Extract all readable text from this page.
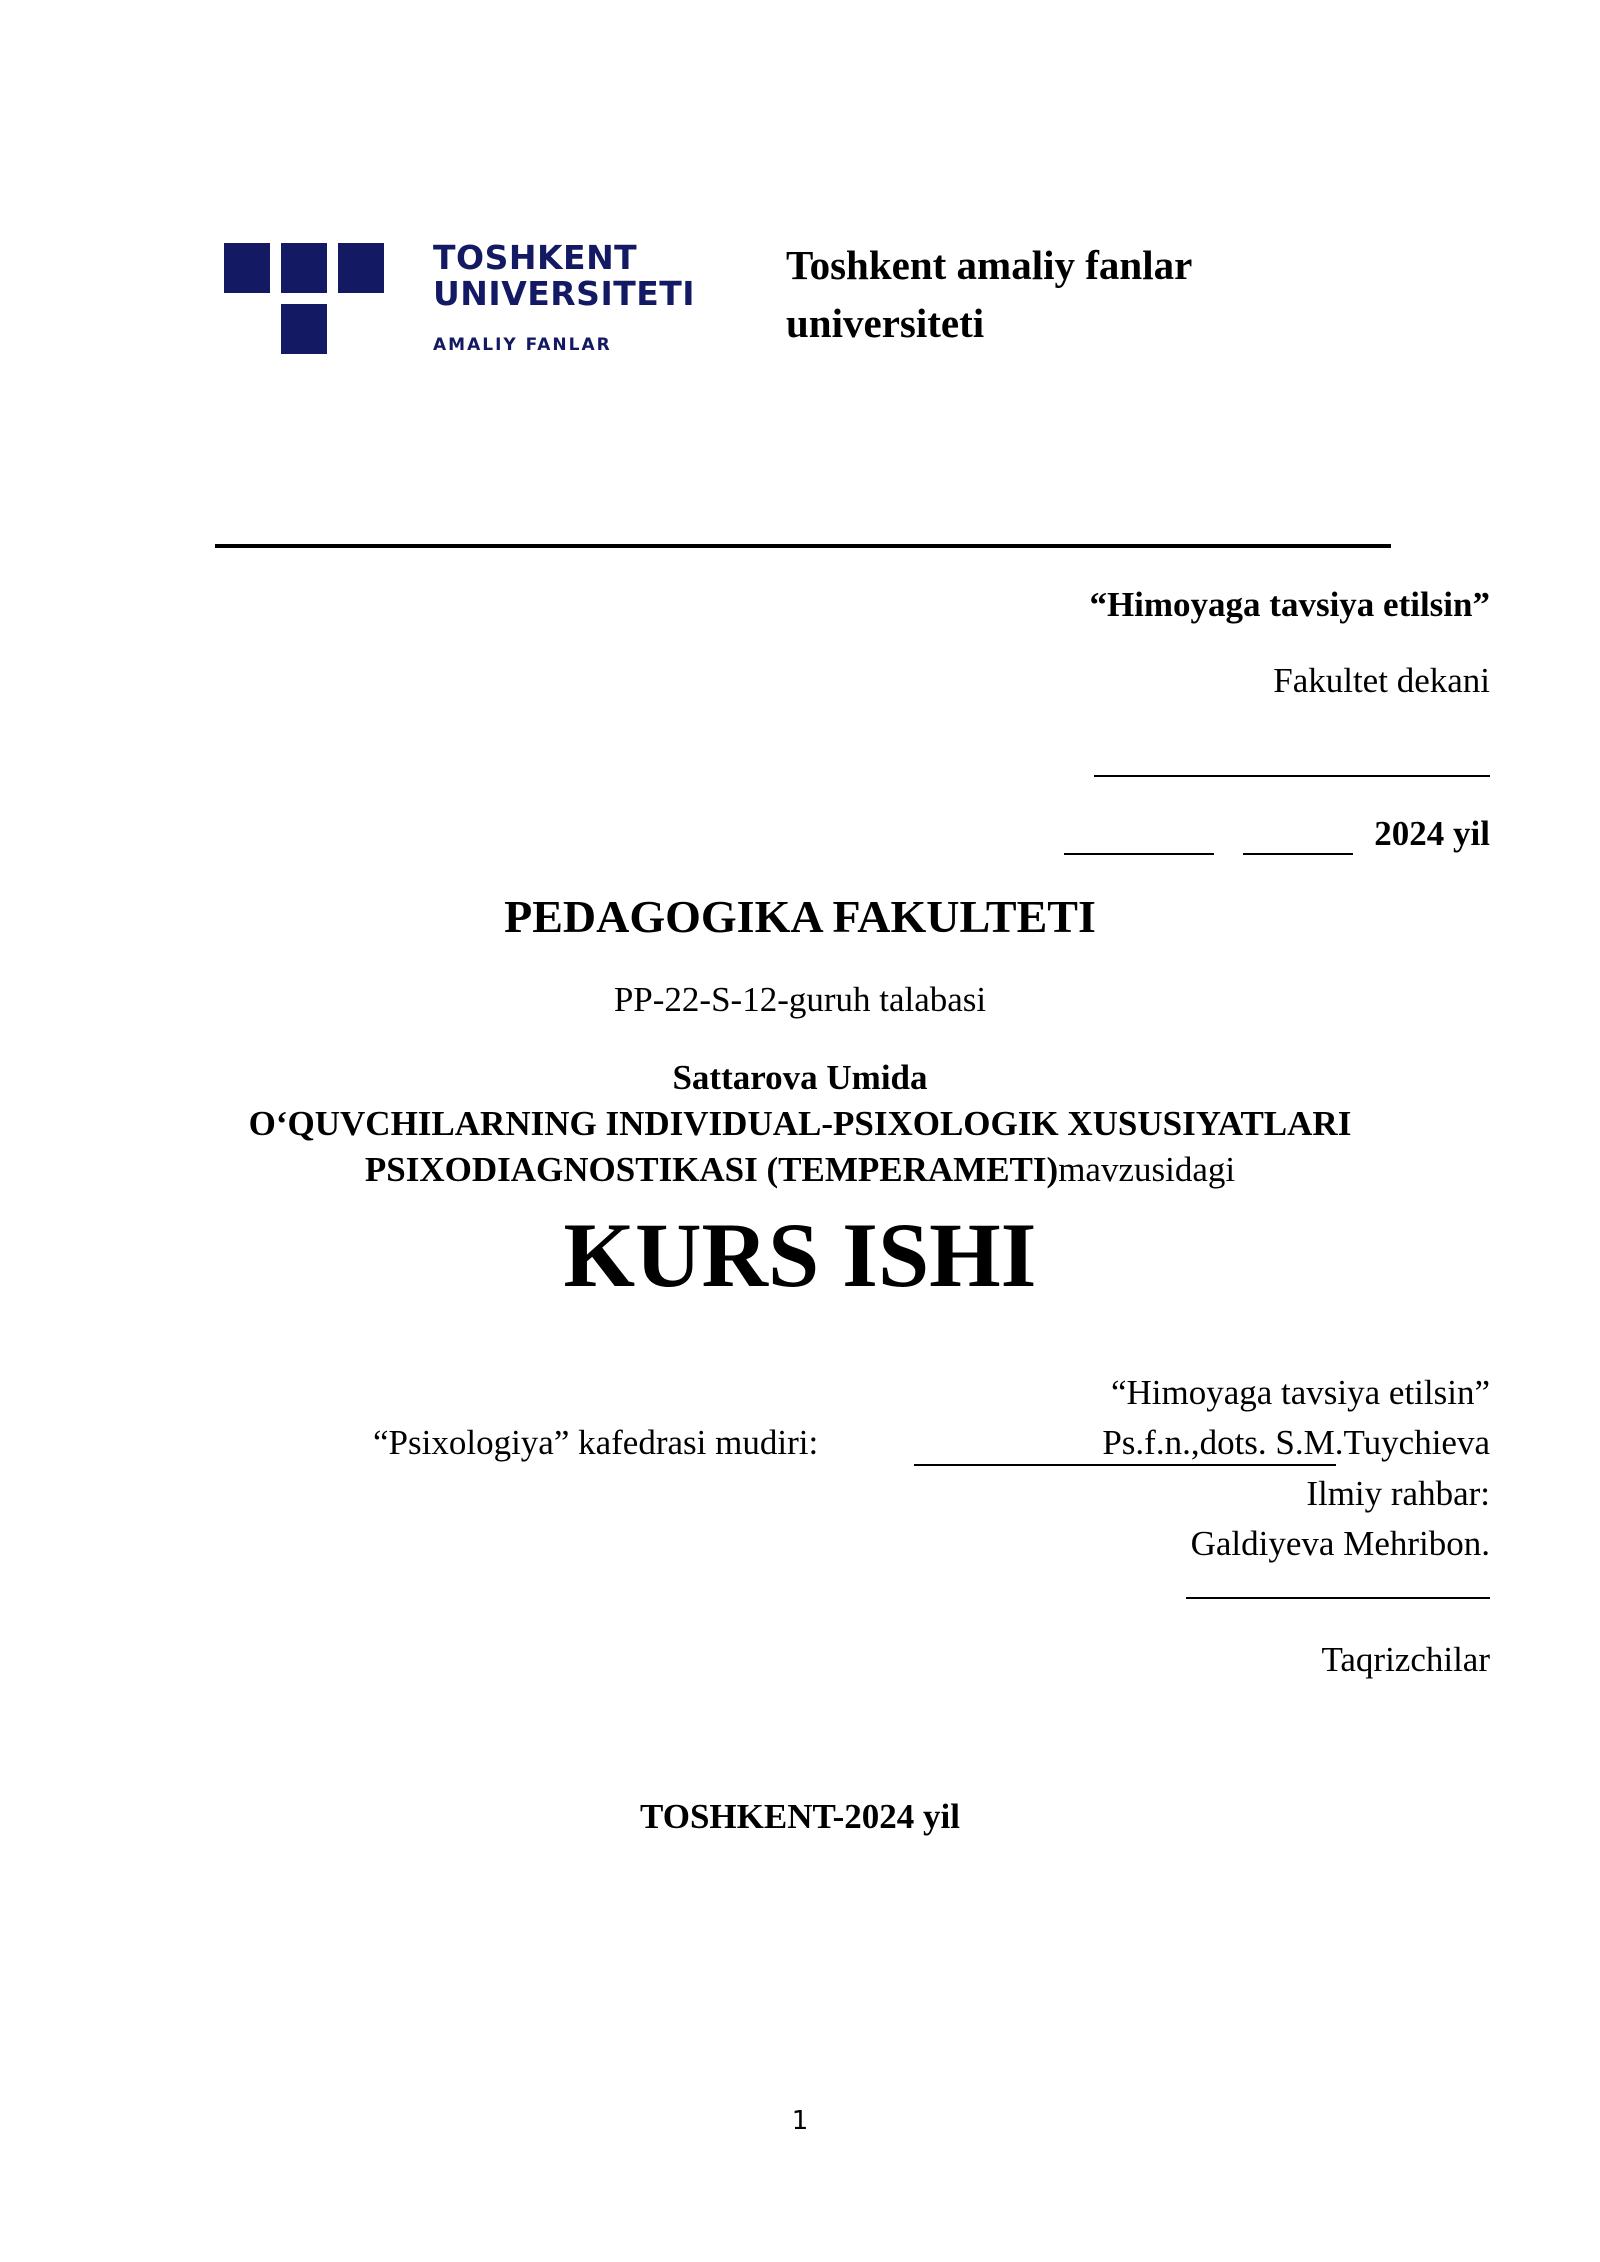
TOSHKENT
UNIVERSITETI
AMALIY FANLAR
Toshkent amaliy fanlar
universiteti
“Himoyaga tavsiya etilsin”
Fakultet dekani
2024 yil
PEDAGOGIKA FAKULTETI
PP-22-S-12-guruh talabasi
Sattarova Umida
O‘QUVCHILARNING INDIVIDUAL-PSIXOLOGIK XUSUSIYATLARI
PSIXODIAGNOSTIKASI (TEMPERAMETI)mavzusidagi
KURS ISHI
“Himoyaga tavsiya etilsin”
“Psixologiya” kafedrasi mudiri:	Ps.f.n.,dots. S.M.Tuychieva
Ilmiy rahbar:
Galdiyeva Mehribon.
Taqrizchilar
TOSHKENT-2024 yil
1
